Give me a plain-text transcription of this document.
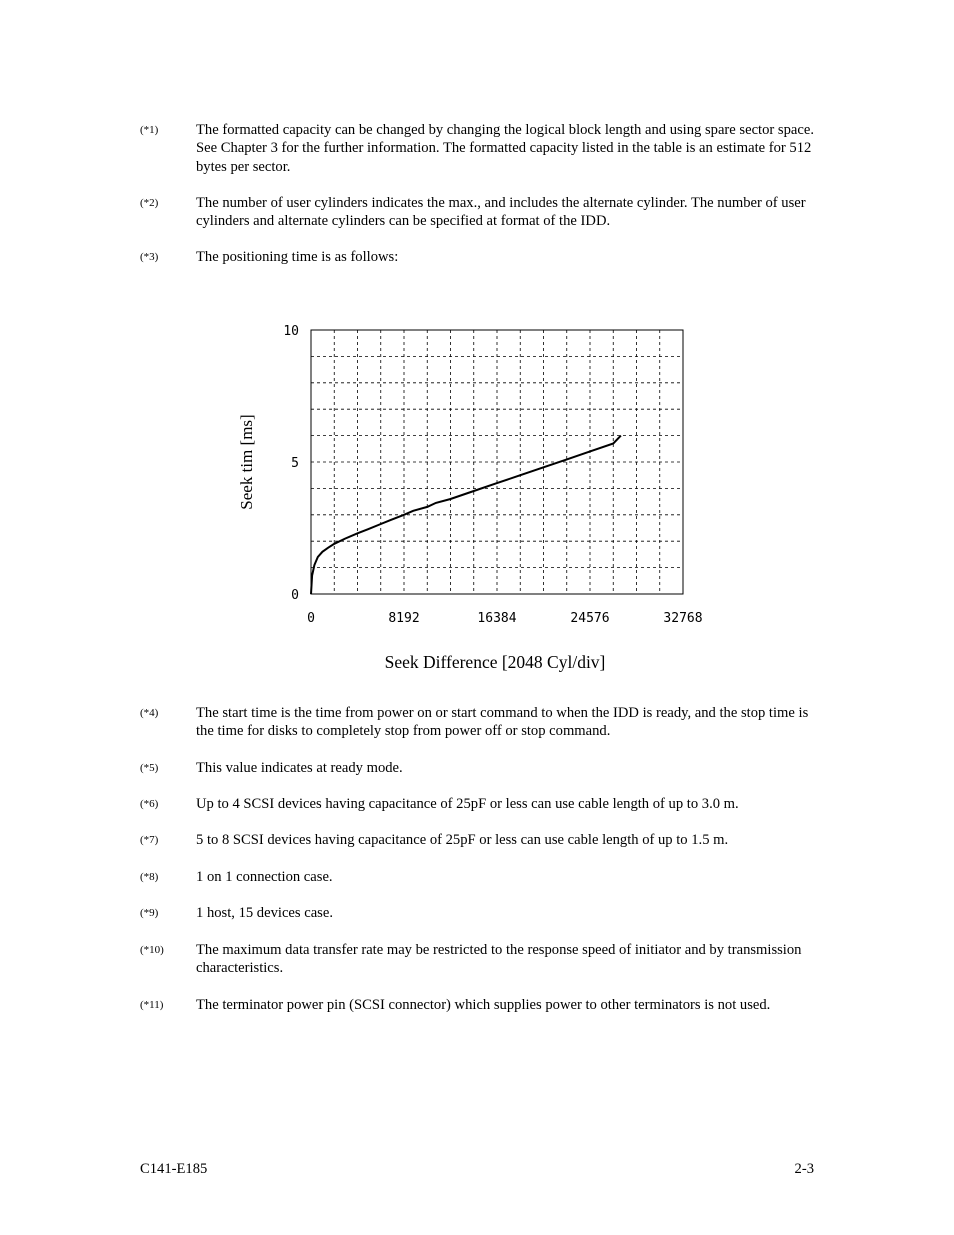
(*1)	The formatted capacity can be changed by changing the logical block length and using spare sector space. See Chapter 3 for the further information. The formatted capacity listed in the table is an estimate for 512 bytes per sector.
(*2)	The number of user cylinders indicates the max., and includes the alternate cylinder. The number of user cylinders and alternate cylinders can be specified at format of the IDD.
(*3)	The positioning time is as follows:
0	8192	16384	24576	32768
0
5
10
Seek tim [ms]
Seek Difference [2048 Cyl/div]
(*4)	The start time is the time from power on or start command to when the IDD is ready, and the stop time is the time for disks to completely stop from power off or stop command.
(*5)	This value indicates at ready mode.
(*6)	Up to 4 SCSI devices having capacitance of 25pF or less can use cable length of up to 3.0 m.
(*7)	5 to 8 SCSI devices having capacitance of 25pF or less can use cable length of up to 1.5 m.
(*8)	1 on 1 connection case.
(*9)	1 host, 15 devices case.
(*10) The maximum data transfer rate may be restricted to the response speed of initiator and by transmission characteristics.
(*11) The terminator power pin (SCSI connector) which supplies power to other terminators is not used.
C141-E185	2-3
